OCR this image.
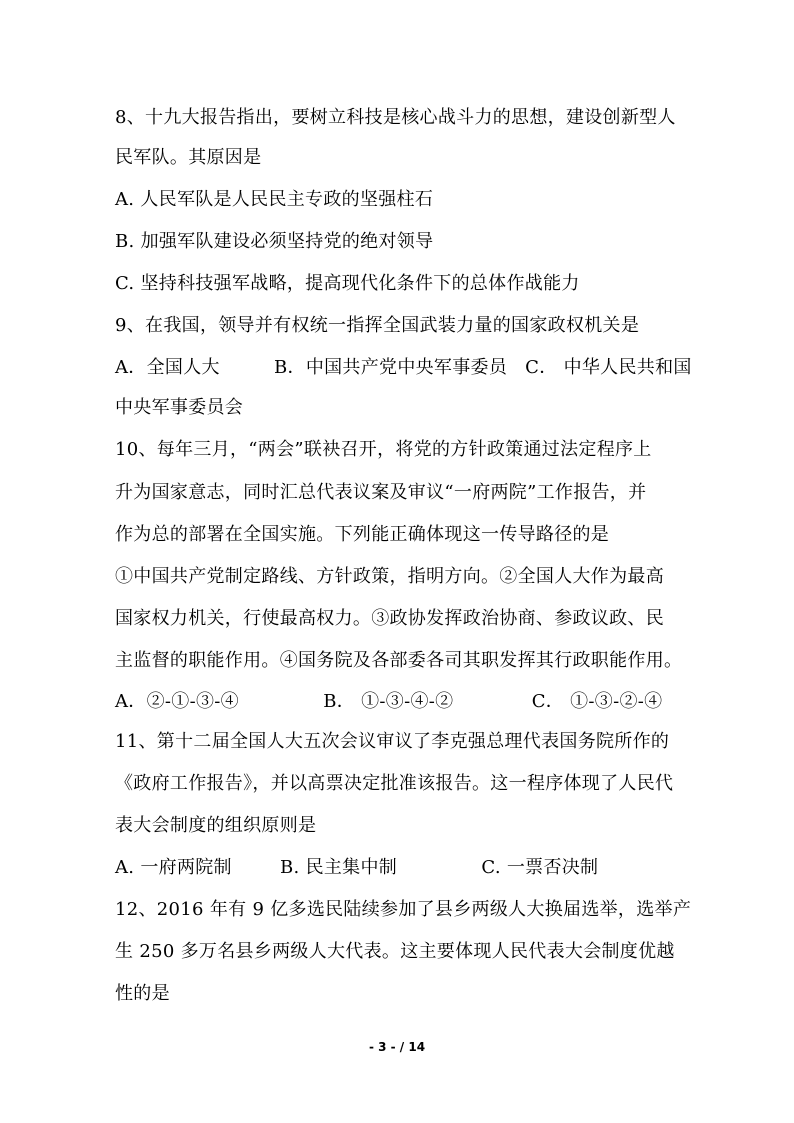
8、十九大报告指出，要树立科技是核心战斗力的思想，建设创新型人
民军队。其原因是
A. 人民军队是人民民主专政的坚强柱石
B. 加强军队建设必须坚持党的绝对领导
C. 坚持科技强军战略，提高现代化条件下的总体作战能力
9、在我国，领导并有权统一指挥全国武装力量的国家政权机关是
A．全国人大         B．中国共产党中央军事委员   C． 中华人民共和国
中央军事委员会
10、每年三月，“两会”联袂召开，将党的方针政策通过法定程序上
升为国家意志，同时汇总代表议案及审议“一府两院”工作报告，并
作为总的部署在全国实施。下列能正确体现这一传导路径的是
①中国共产党制定路线、方针政策，指明方向。②全国人大作为最高
国家权力机关，行使最高权力。③政协发挥政治协商、参政议政、民
主监督的职能作用。④国务院及各部委各司其职发挥其行政职能作用。
A．②-①-③-④              B． ①-③-④-②             C． ①-③-②-④
11、第十二届全国人大五次会议审议了李克强总理代表国务院所作的
《政府工作报告》，并以高票决定批准该报告。这一程序体现了人民代
表大会制度的组织原则是
A. 一府两院制        B. 民主集中制              C. 一票否决制
12、2016 年有 9 亿多选民陆续参加了县乡两级人大换届选举，选举产
生 250 多万名县乡两级人大代表。这主要体现人民代表大会制度优越
性的是
- 3 - / 14
